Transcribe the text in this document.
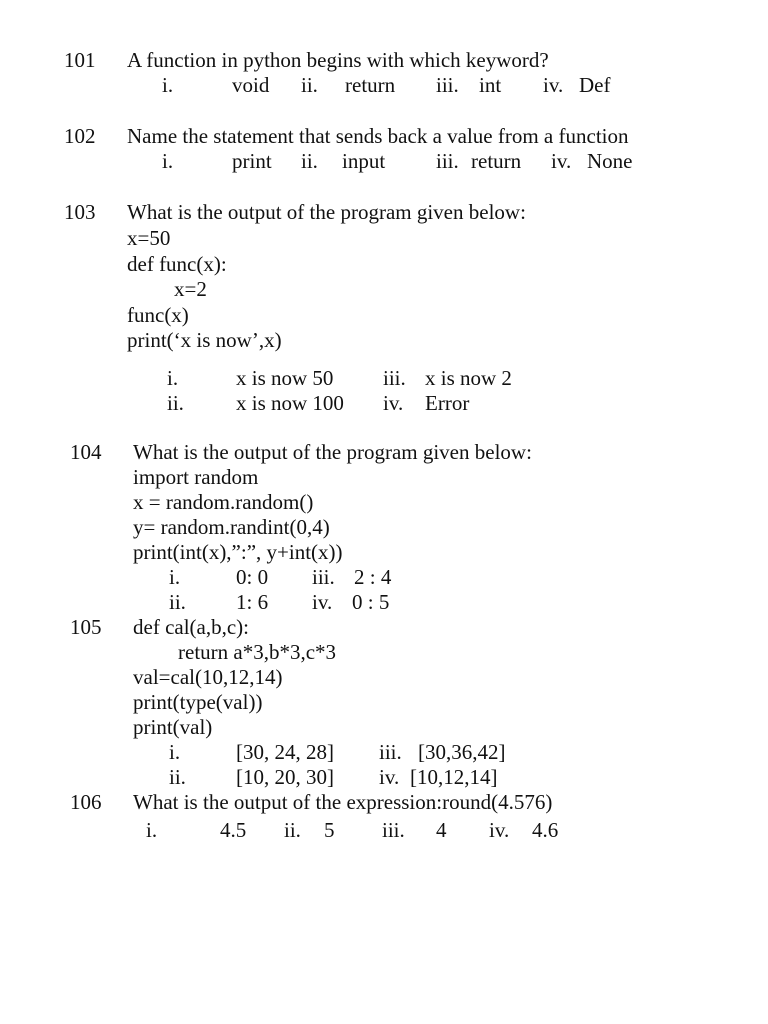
101 A function in python begins with which keyword?
i.	void ii. return iii. int iv. Def
102 Name the statement that sends back a value from a function
i.	print ii. input iii. return iv. None
103 What is the output of the program given below:
x=50
def func(x):
x=2
func(x)
print(‘x is now’,x)
i.	x is now 50 iii. x is now 2
ii. x is now 100 iv. Error
104 What is the output of the program given below:
import random
x = random.random()
y= random.randint(0,4)
print(int(x),”:”, y+int(x))
i.	0: 0 iii. 2 : 4
ii. 1: 6 iv. 0 : 5
105 def cal(a,b,c):
return a*3,b*3,c*3
val=cal(10,12,14)
print(type(val))
print(val)
i.	[30, 24, 28] iii. [30,36,42]
ii. [10, 20, 30] iv. [10,12,14]
106 What is the output of the expression:round(4.576)
i.	4.5 ii. 5 iii. 4 iv. 4.6
